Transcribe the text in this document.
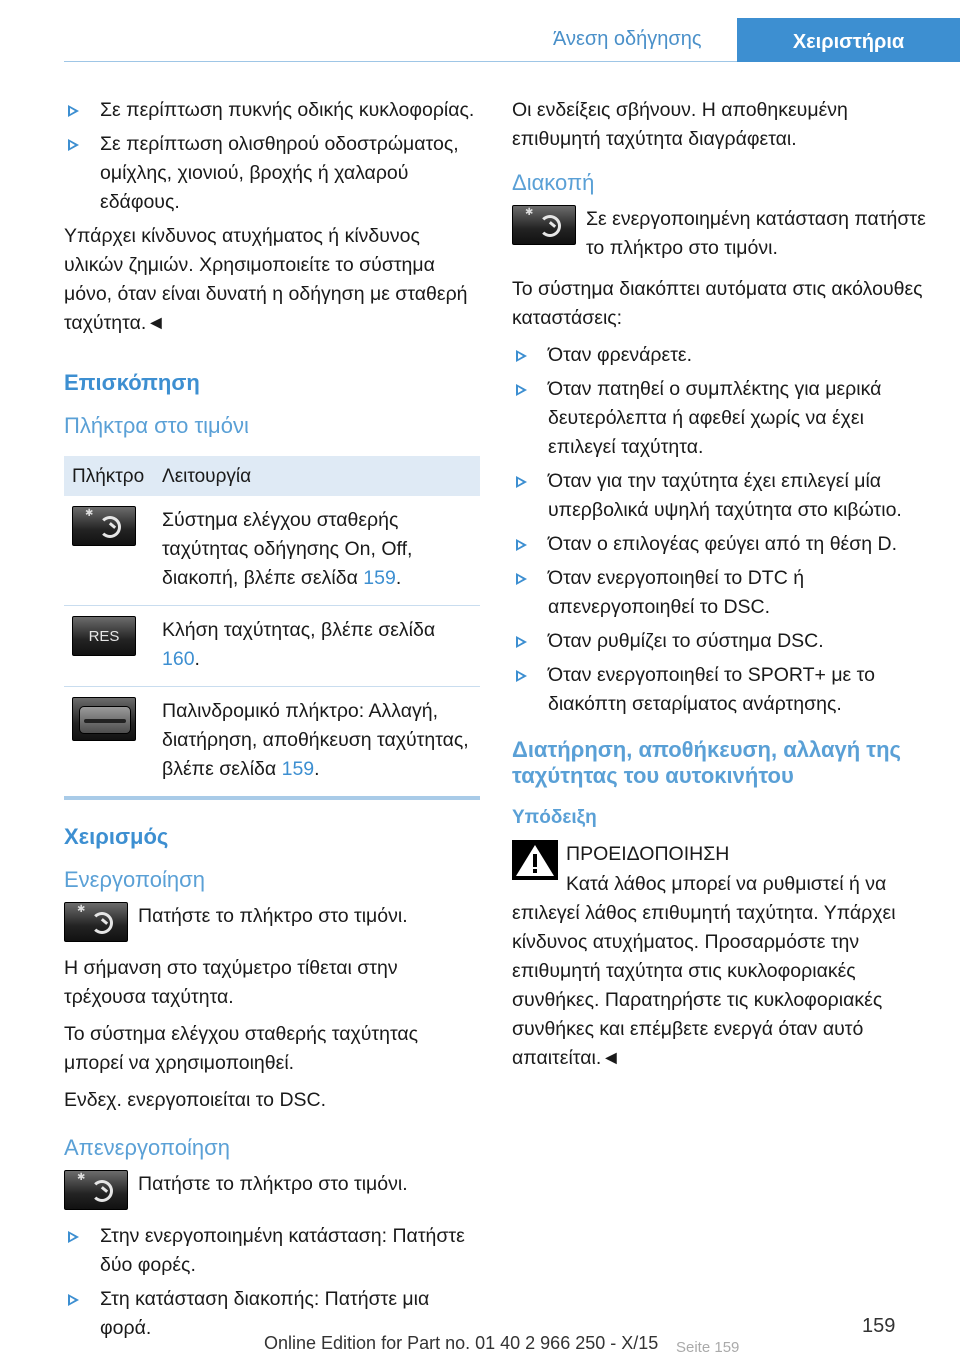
Άνεση οδήγησης	Χειριστήρια
Σε περίπτωση πυκνής οδικής κυκλοφορίας.
Σε περίπτωση ολισθηρού οδοστρώματος, ομίχλης, χιονιού, βροχής ή χαλαρού εδάφους.
Υπάρχει κίνδυνος ατυχήματος ή κίνδυνος υλικών ζημιών. Χρησιμοποιείτε το σύστημα μόνο, όταν είναι δυνατή η οδήγηση με σταθερή ταχύτητα.◄
Επισκόπηση
Πλήκτρα στο τιμόνι
Πλήκτρο	Λειτουργία

✱	Σύστημα ελέγχου σταθερής ταχύτητας οδήγησης On, Off, διακοπή, βλέπε σελίδα 159.

RES	Κλήση ταχύτητας, βλέπε σελίδα 160.

	Παλινδρομικό πλήκτρο: Αλλαγή, διατήρηση, αποθήκευση ταχύτητας, βλέπε σελίδα 159.
Χειρισμός
Ενεργοποίηση
✱	Πατήστε το πλήκτρο στο τιμόνι.
Η σήμανση στο ταχύμετρο τίθεται στην τρέχουσα ταχύτητα.
Το σύστημα ελέγχου σταθερής ταχύτητας μπορεί να χρησιμοποιηθεί.
Ενδεχ. ενεργοποιείται το DSC.
Απενεργοποίηση
✱	Πατήστε το πλήκτρο στο τιμόνι.
Στην ενεργοποιημένη κατάσταση: Πατήστε δύο φορές.
Στη κατάσταση διακοπής: Πατήστε μια φορά.
Οι ενδείξεις σβήνουν. Η αποθηκευμένη επιθυμητή ταχύτητα διαγράφεται.
Διακοπή
✱	Σε ενεργοποιημένη κατάσταση πατήστε το πλήκτρο στο τιμόνι.
Το σύστημα διακόπτει αυτόματα στις ακόλουθες καταστάσεις:
Όταν φρενάρετε.
Όταν πατηθεί ο συμπλέκτης για μερικά δευτερόλεπτα ή αφεθεί χωρίς να έχει επιλεγεί ταχύτητα.
Όταν για την ταχύτητα έχει επιλεγεί μία υπερβολικά υψηλή ταχύτητα στο κιβώτιο.
Όταν ο επιλογέας φεύγει από τη θέση D.
Όταν ενεργοποιηθεί το DTC ή απενεργοποιηθεί το DSC.
Όταν ρυθμίζει το σύστημα DSC.
Όταν ενεργοποιηθεί το SPORT+ με το διακόπτη σεταρίματος ανάρτησης.
Διατήρηση, αποθήκευση, αλλαγή της ταχύτητας του αυτοκινήτου
Υπόδειξη
ΠΡΟΕΙΔΟΠΟΙΗΣΗ
Κατά λάθος μπορεί να ρυθμιστεί ή να επιλεγεί λάθος επιθυμητή ταχύτητα. Υπάρχει κίνδυνος ατυχήματος. Προσαρμόστε την επιθυμητή ταχύτητα στις κυκλοφοριακές συνθήκες. Παρατηρήστε τις κυκλοφοριακές συνθήκες και επέμβετε ενεργά όταν αυτό απαιτείται.◄
159
Online Edition for Part no. 01 40 2 966 250 - X/15 Seite 159
